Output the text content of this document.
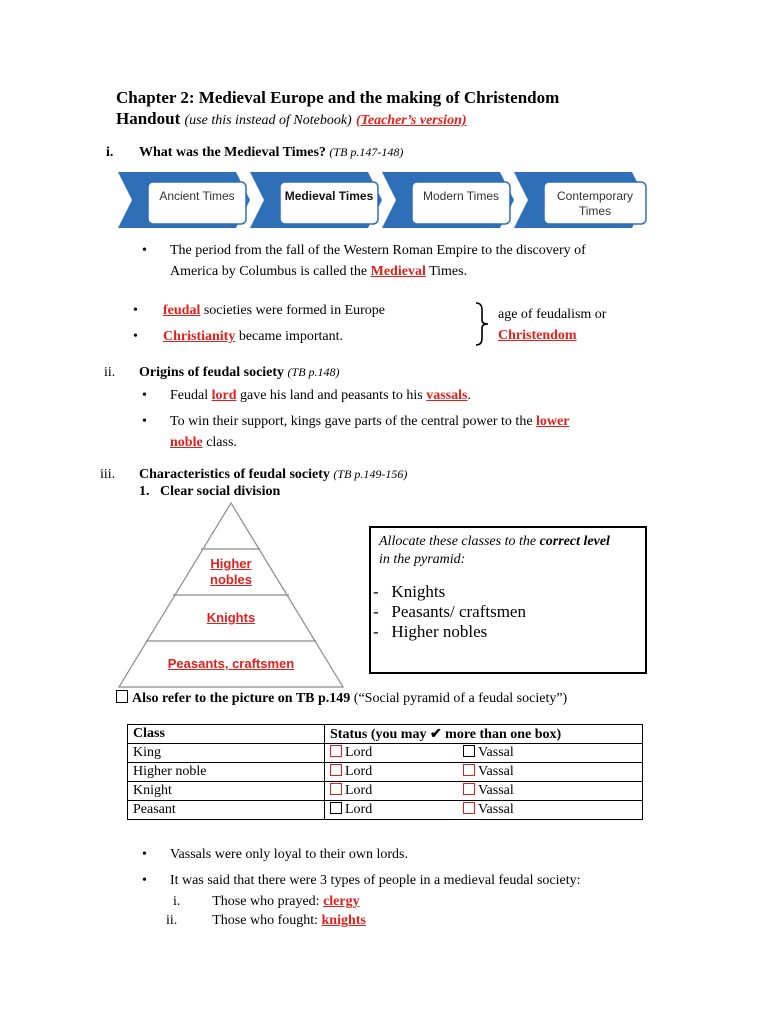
Chapter 2: Medieval Europe and the making of Christendom
Handout (use this instead of Notebook) (Teacher’s version)
i. What was the Medieval Times? (TB p.147-148)
Ancient Times	Medieval Times	Modern Times	Contemporary Times
• The period from the fall of the Western Roman Empire to the discovery of
America by Columbus is called the Medieval Times.
• feudal societies were formed in Europe
• Christianity became important.
age of feudalism or
Christendom
ii. Origins of feudal society (TB p.148)
• Feudal lord gave his land and peasants to his vassals.
• To win their support, kings gave parts of the central power to the lower
noble class.
iii. Characteristics of feudal society (TB p.149-156)
1.   Clear social division
Higher
nobles
Knights
Peasants, craftsmen
Allocate these classes to the correct level
in the pyramid:
-   Knights
-   Peasants/ craftsmen
-   Higher nobles
Also refer to the picture on TB p.149 (“Social pyramid of a feudal society”)
Class	Status (you may ✔ more than one box)
King	Lord Vassal

Higher noble	Lord Vassal

Knight	Lord Vassal

Peasant	Lord Vassal
• Vassals were only loyal to their own lords.
• It was said that there were 3 types of people in a medieval feudal society:
i. Those who prayed: clergy
ii. Those who fought: knights
